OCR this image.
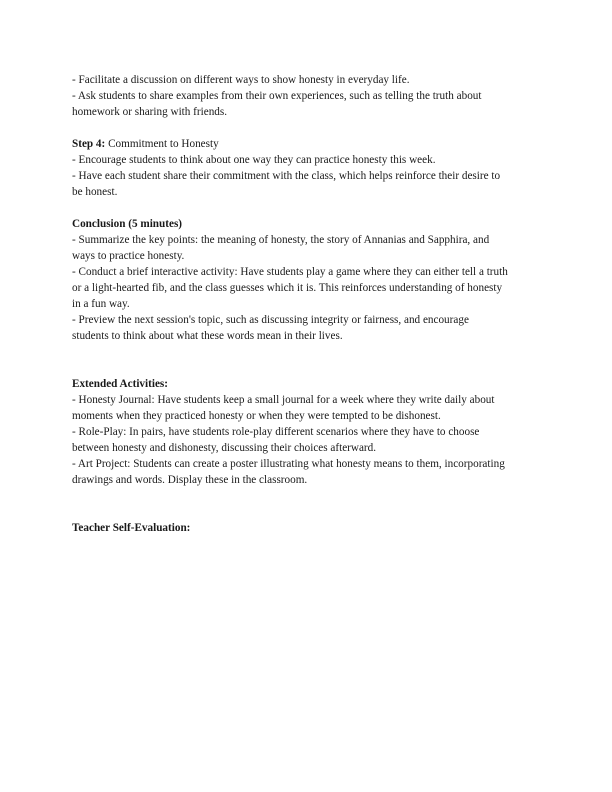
- Facilitate a discussion on different ways to show honesty in everyday life.

- Ask students to share examples from their own experiences, such as telling the truth about

homework or sharing with friends.

Step 4: Commitment to Honesty

- Encourage students to think about one way they can practice honesty this week.

- Have each student share their commitment with the class, which helps reinforce their desire to

be honest.

Conclusion (5 minutes)

- Summarize the key points: the meaning of honesty, the story of Annanias and Sapphira, and

ways to practice honesty.

- Conduct a brief interactive activity: Have students play a game where they can either tell a truth

or a light-hearted fib, and the class guesses which it is. This reinforces understanding of honesty

in a fun way.

- Preview the next session's topic, such as discussing integrity or fairness, and encourage

students to think about what these words mean in their lives.

Extended Activities:

- Honesty Journal: Have students keep a small journal for a week where they write daily about

moments when they practiced honesty or when they were tempted to be dishonest.

- Role-Play: In pairs, have students role-play different scenarios where they have to choose

between honesty and dishonesty, discussing their choices afterward.

- Art Project: Students can create a poster illustrating what honesty means to them, incorporating

drawings and words. Display these in the classroom.

Teacher Self-Evaluation:
